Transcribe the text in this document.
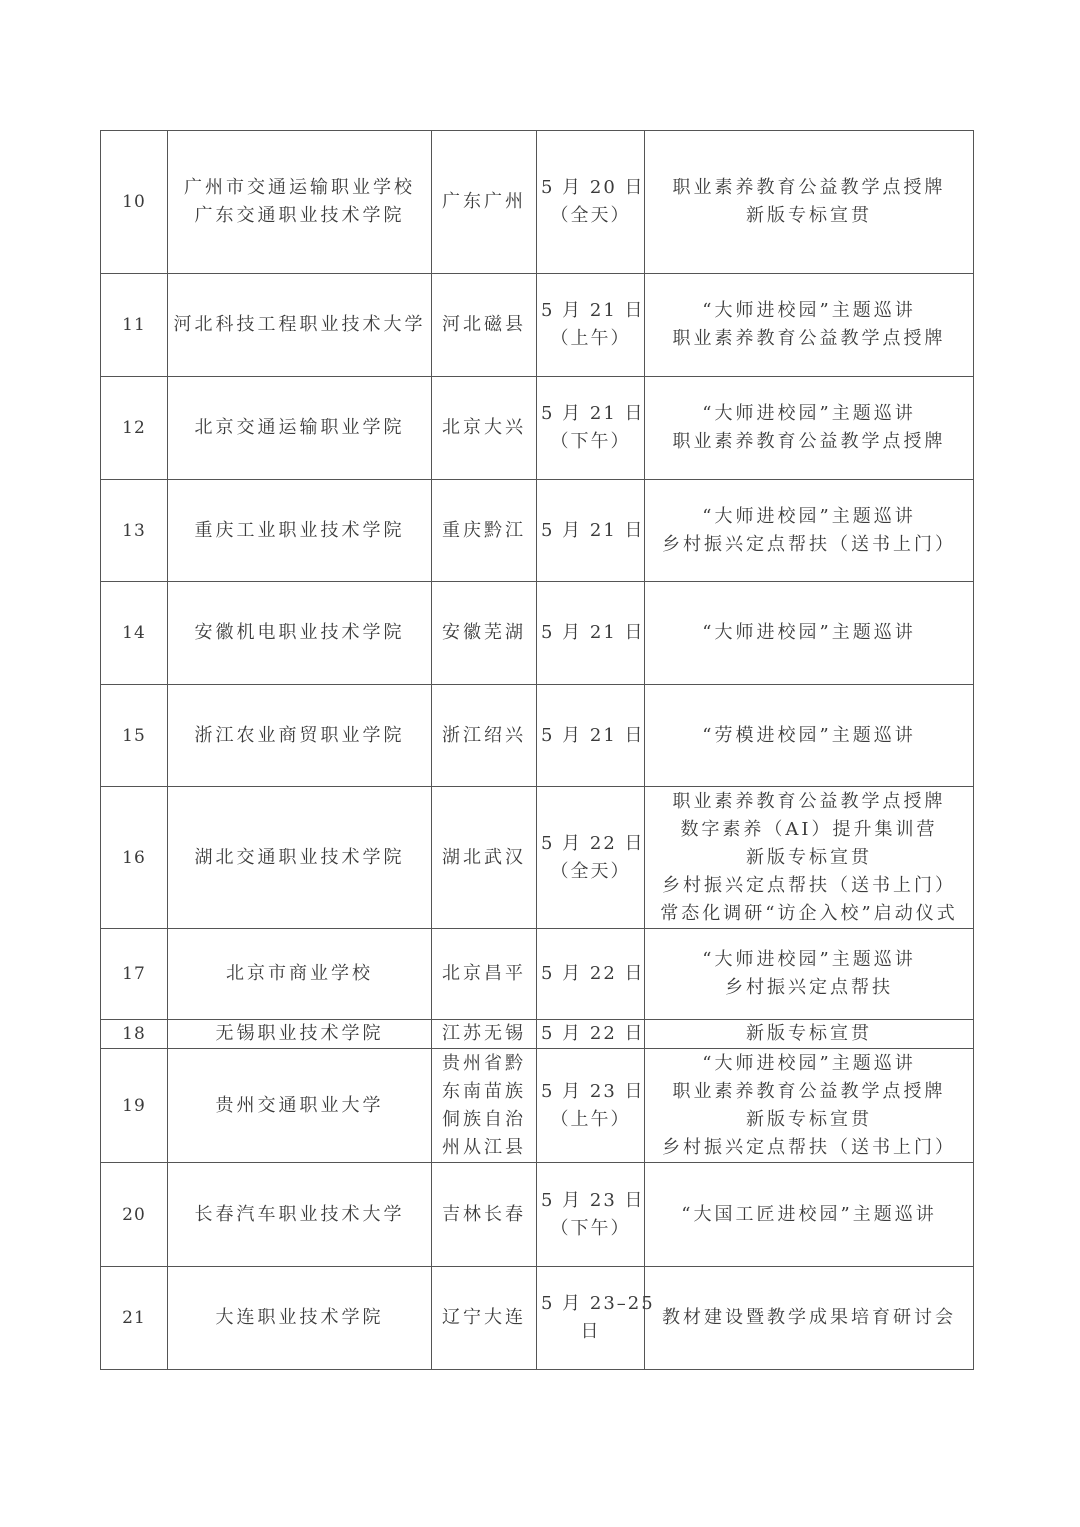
10	广州市交通运输职业学校
广东交通职业技术学院	广东广州	5 月 20 日
（全天）	职业素养教育公益教学点授牌
新版专标宣贯

11	河北科技工程职业技术大学	河北磁县	5 月 21 日
（上午）	“大师进校园”主题巡讲
职业素养教育公益教学点授牌

12	北京交通运输职业学院	北京大兴	5 月 21 日
（下午）	“大师进校园”主题巡讲
职业素养教育公益教学点授牌

13	重庆工业职业技术学院	重庆黔江	5 月 21 日	“大师进校园”主题巡讲
乡村振兴定点帮扶（送书上门）

14	安徽机电职业技术学院	安徽芜湖	5 月 21 日	“大师进校园”主题巡讲

15	浙江农业商贸职业学院	浙江绍兴	5 月 21 日	“劳模进校园”主题巡讲

16	湖北交通职业技术学院	湖北武汉	5 月 22 日
（全天）	职业素养教育公益教学点授牌
数字素养（AI）提升集训营
新版专标宣贯
乡村振兴定点帮扶（送书上门）
常态化调研“访企入校”启动仪式

17	北京市商业学校	北京昌平	5 月 22 日	“大师进校园”主题巡讲
乡村振兴定点帮扶

18	无锡职业技术学院	江苏无锡	5 月 22 日	新版专标宣贯

19	贵州交通职业大学	贵州省黔
东南苗族
侗族自治
州从江县	5 月 23 日
（上午）	“大师进校园”主题巡讲
职业素养教育公益教学点授牌
新版专标宣贯
乡村振兴定点帮扶（送书上门）

20	长春汽车职业技术大学	吉林长春	5 月 23 日
（下午）	“大国工匠进校园”主题巡讲

21	大连职业技术学院	辽宁大连	5 月 23–25
日	教材建设暨教学成果培育研讨会
